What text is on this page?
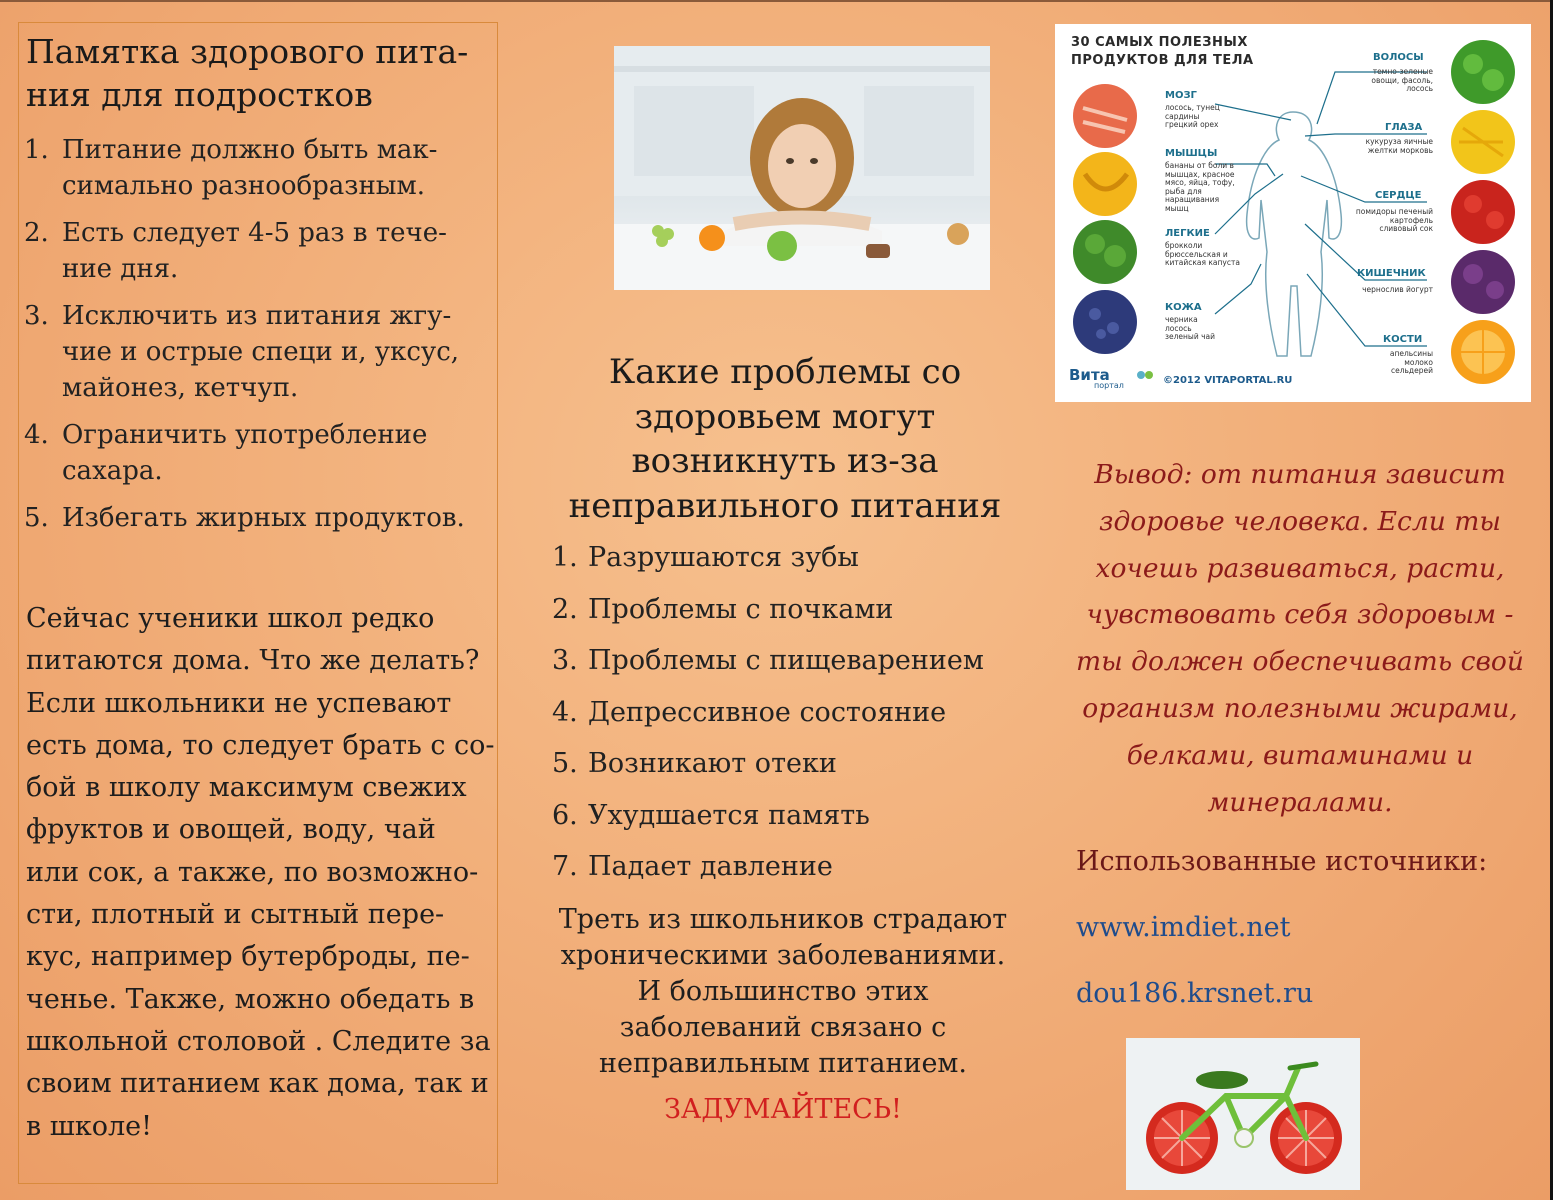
Памятка здорового пита-ния для подростков
1. Питание должно быть мак-симально разнообразным.
2. Есть следует 4-5 раз в тече-ние дня.
3. Исключить из питания жгу-чие и острые специ и, уксус, майонез, кетчуп.
4. Ограничить употребление сахара.
5. Избегать жирных продуктов.
Сейчас ученики школ редко питаются дома. Что же делать? Если школьники не успевают есть дома, то следует брать с со-бой в школу максимум свежих фруктов и овощей, воду, чай или сок, а также, по возможно-сти, плотный и сытный пере-кус, например бутерброды, пе-ченье. Также, можно обедать в школьной столовой . Следите за своим питанием как дома, так и в школе!
Какие проблемы со здоровьем могут возникнуть из-за неправильного питания
1. Разрушаются зубы
2. Проблемы с почками
3. Проблемы с пищеварением
4. Депрессивное состояние
5. Возникают отеки
6. Ухудшается память
7. Падает давление
Треть из школьников страдают хроническими заболеваниями. И большинство этих заболеваний связано с неправильным питанием.
ЗАДУМАЙТЕСЬ!
30 САМЫХ ПОЛЕЗНЫХ ПРОДУКТОВ ДЛЯ ТЕЛА
МОЗГ
лосось, тунец сардины грецкий орех
МЫШЦЫ
бананы от боли в мышцах, красное мясо, яйца, тофу, рыба для наращивания мышц
ЛЕГКИЕ
брокколи брюссельская и китайская капуста
КОЖА
черника лосось зеленый чай
ВОЛОСЫ
темно-зеленые овощи, фасоль, лосось
ГЛАЗА
кукуруза яичные желтки морковь
СЕРДЦЕ
помидоры печеный картофель сливовый сок
КИШЕЧНИК
чернослив йогурт
КОСТИ
апельсины молоко сельдерей
Вита
портал	©2012 VITAPORTAL.RU
Вывод: от питания зависит здоровье человека. Если ты хочешь развиваться, расти, чувствовать себя здоровым - ты должен обеспечивать свой организм полезными жирами, белками, витаминами и минералами.
Использованные источники:
www.imdiet.net
dou186.krsnet.ru
